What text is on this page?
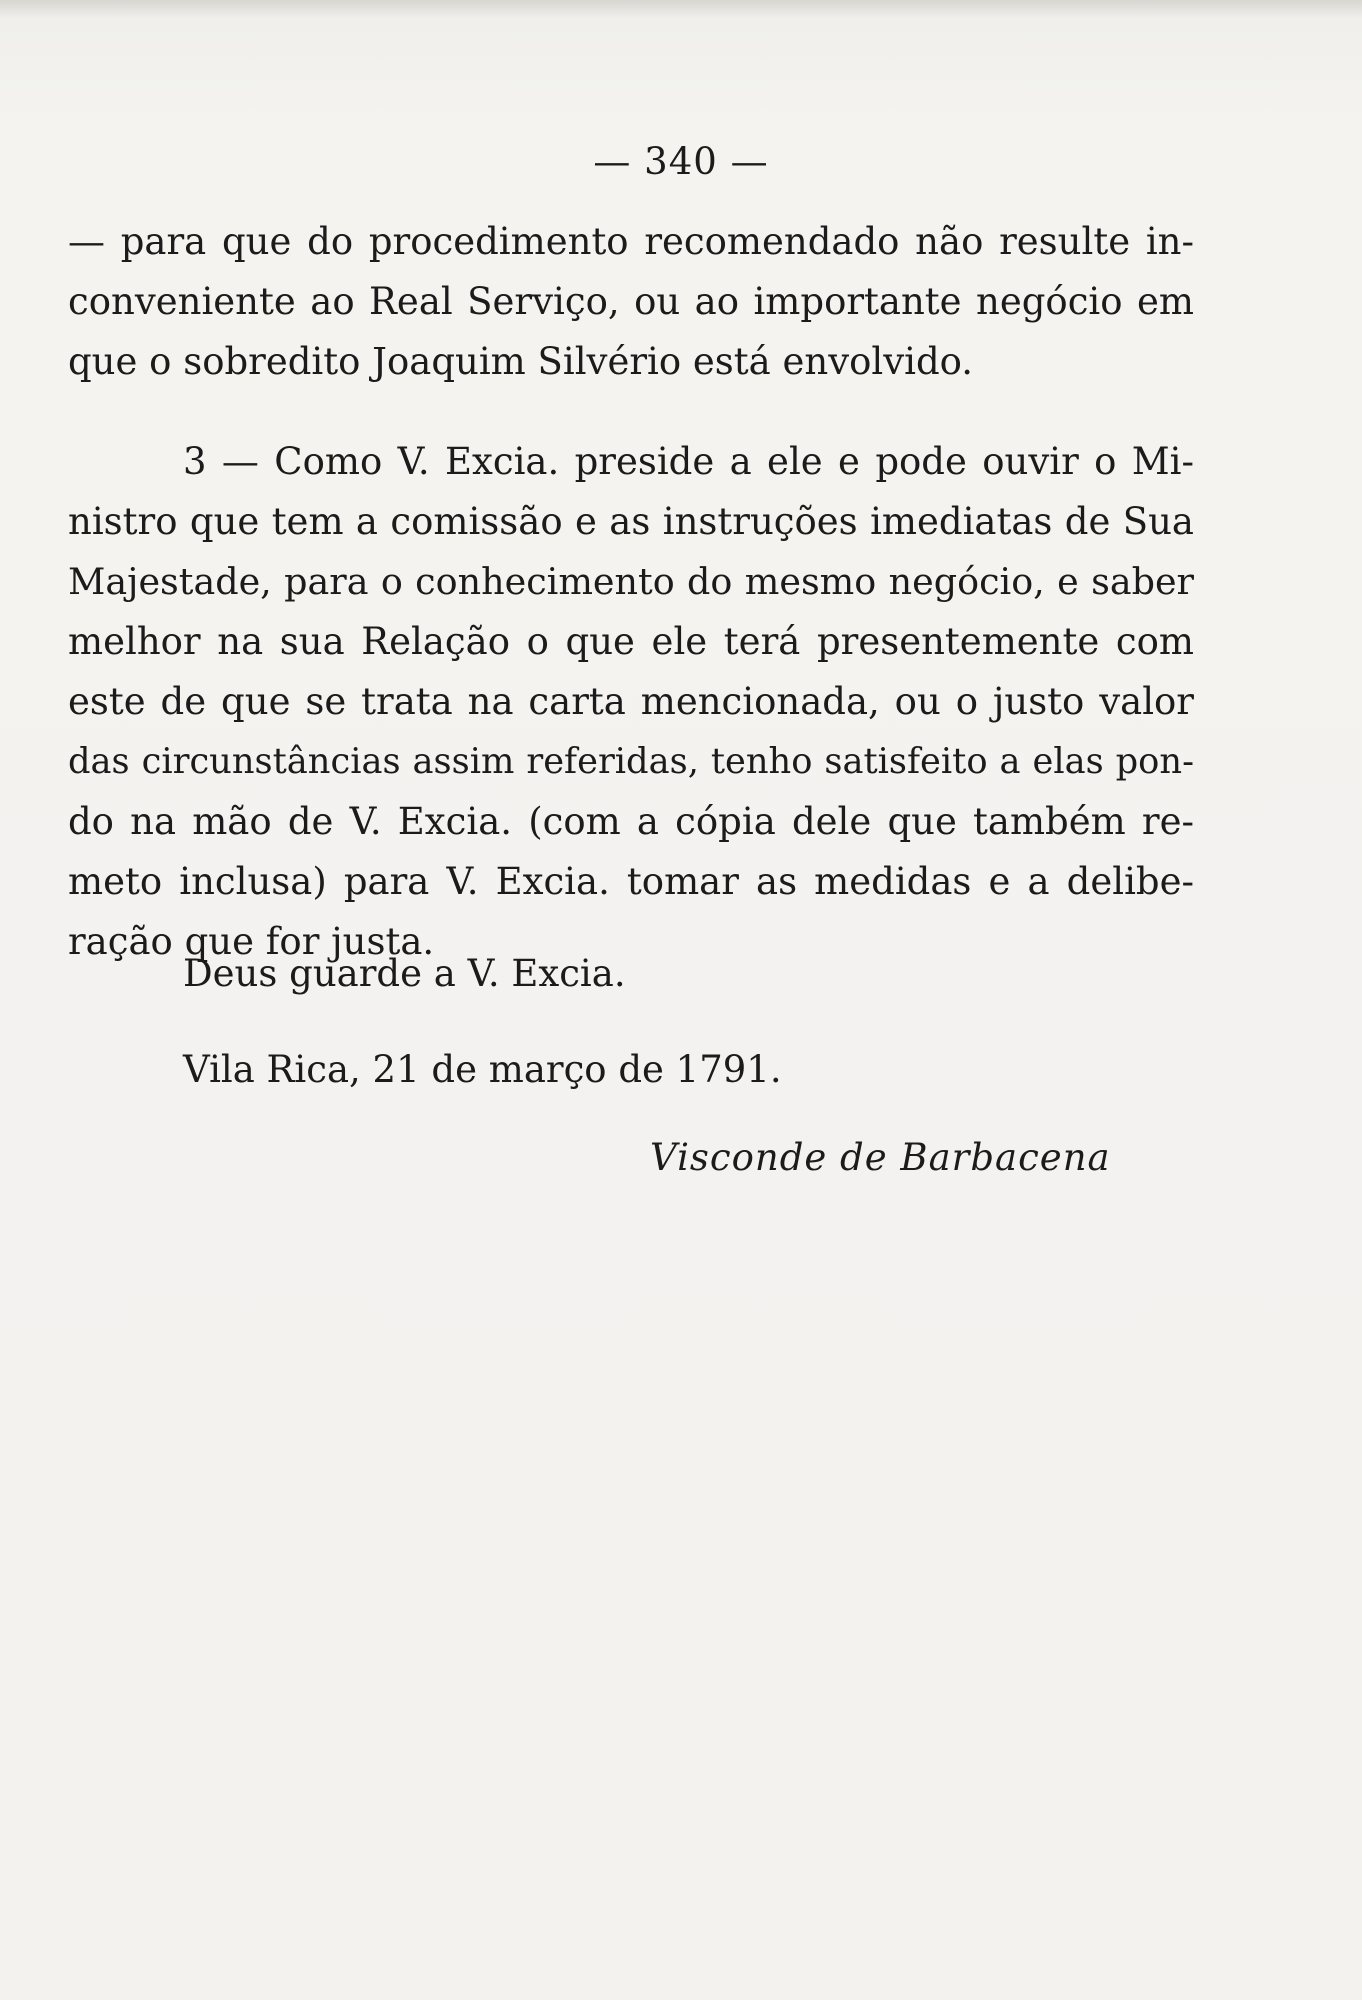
— 340 —
— para que do procedimento recomendado não resulte in-
conveniente ao Real Serviço, ou ao importante negócio em
que o sobredito Joaquim Silvério está envolvido.
3 — Como V. Excia. preside a ele e pode ouvir o Mi-
nistro que tem a comissão e as instruções imediatas de Sua
Majestade, para o conhecimento do mesmo negócio, e saber
melhor na sua Relação o que ele terá presentemente com
este de que se trata na carta mencionada, ou o justo valor
das circunstâncias assim referidas, tenho satisfeito a elas pon-
do na mão de V. Excia. (com a cópia dele que também re-
meto inclusa) para V. Excia. tomar as medidas e a delibe-
ração que for justa.
Deus guarde a V. Excia.
Vila Rica, 21 de março de 1791.
Visconde de Barbacena
